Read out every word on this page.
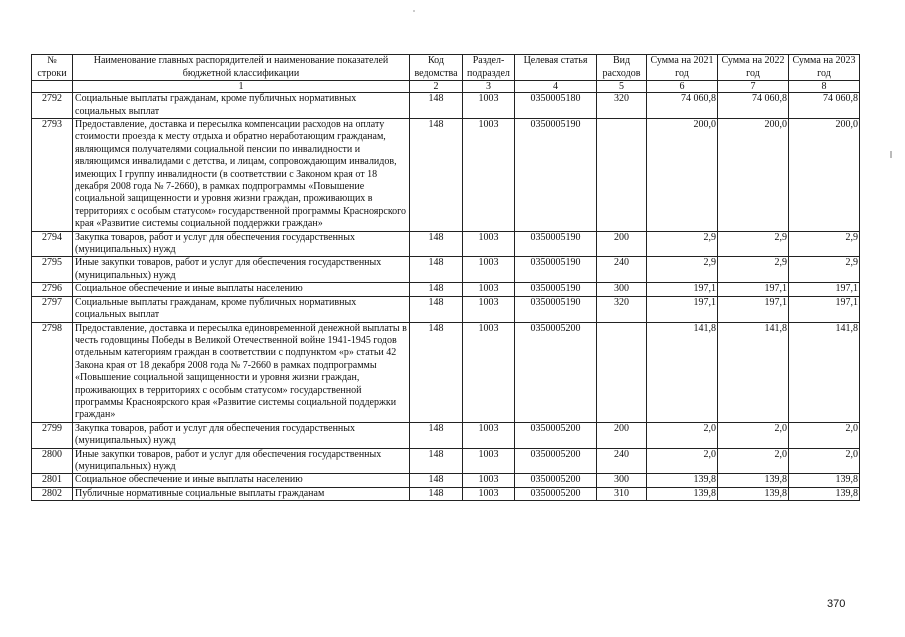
№ строки	Наименование главных распорядителей и наименование показателей бюджетной классификации	Код ведомства	Раздел-подраздел	Целевая статья	Вид расходов	Сумма на 2021 год	Сумма на 2022 год	Сумма на 2023 год
	1	2	3	4	5	6	7	8
2792	Социальные выплаты гражданам, кроме публичных нормативных социальных выплат	148	1003	0350005180	320	74 060,8	74 060,8	74 060,8
2793	Предоставление, доставка и пересылка компенсации расходов на оплату стоимости проезда к месту отдыха и обратно неработающим гражданам, являющимся получателями социальной пенсии по инвалидности и являющимся инвалидами с детства, и лицам, сопровождающим инвалидов, имеющих I группу инвалидности (в соответствии с Законом края от 18 декабря 2008 года № 7-2660), в рамках подпрограммы «Повышение социальной защищенности и уровня жизни граждан, проживающих в территориях с особым статусом» государственной программы Красноярского края «Развитие системы социальной поддержки граждан»	148	1003	0350005190		200,0	200,0	200,0
2794	Закупка товаров, работ и услуг для обеспечения государственных (муниципальных) нужд	148	1003	0350005190	200	2,9	2,9	2,9
2795	Иные закупки товаров, работ и услуг для обеспечения государственных (муниципальных) нужд	148	1003	0350005190	240	2,9	2,9	2,9
2796	Социальное обеспечение и иные выплаты населению	148	1003	0350005190	300	197,1	197,1	197,1
2797	Социальные выплаты гражданам, кроме публичных нормативных социальных выплат	148	1003	0350005190	320	197,1	197,1	197,1
2798	Предоставление, доставка и пересылка единовременной денежной выплаты в честь годовщины Победы в Великой Отечественной войне 1941-1945 годов отдельным категориям граждан в соответствии с подпунктом «р» статьи 42 Закона края от 18 декабря 2008 года № 7-2660 в рамках подпрограммы «Повышение социальной защищенности и уровня жизни граждан, проживающих в территориях с особым статусом» государственной программы Красноярского края «Развитие системы социальной поддержки граждан»	148	1003	0350005200		141,8	141,8	141,8
2799	Закупка товаров, работ и услуг для обеспечения государственных (муниципальных) нужд	148	1003	0350005200	200	2,0	2,0	2,0
2800	Иные закупки товаров, работ и услуг для обеспечения государственных (муниципальных) нужд	148	1003	0350005200	240	2,0	2,0	2,0
2801	Социальное обеспечение и иные выплаты населению	148	1003	0350005200	300	139,8	139,8	139,8
2802	Публичные нормативные социальные выплаты гражданам	148	1003	0350005200	310	139,8	139,8	139,8
370
